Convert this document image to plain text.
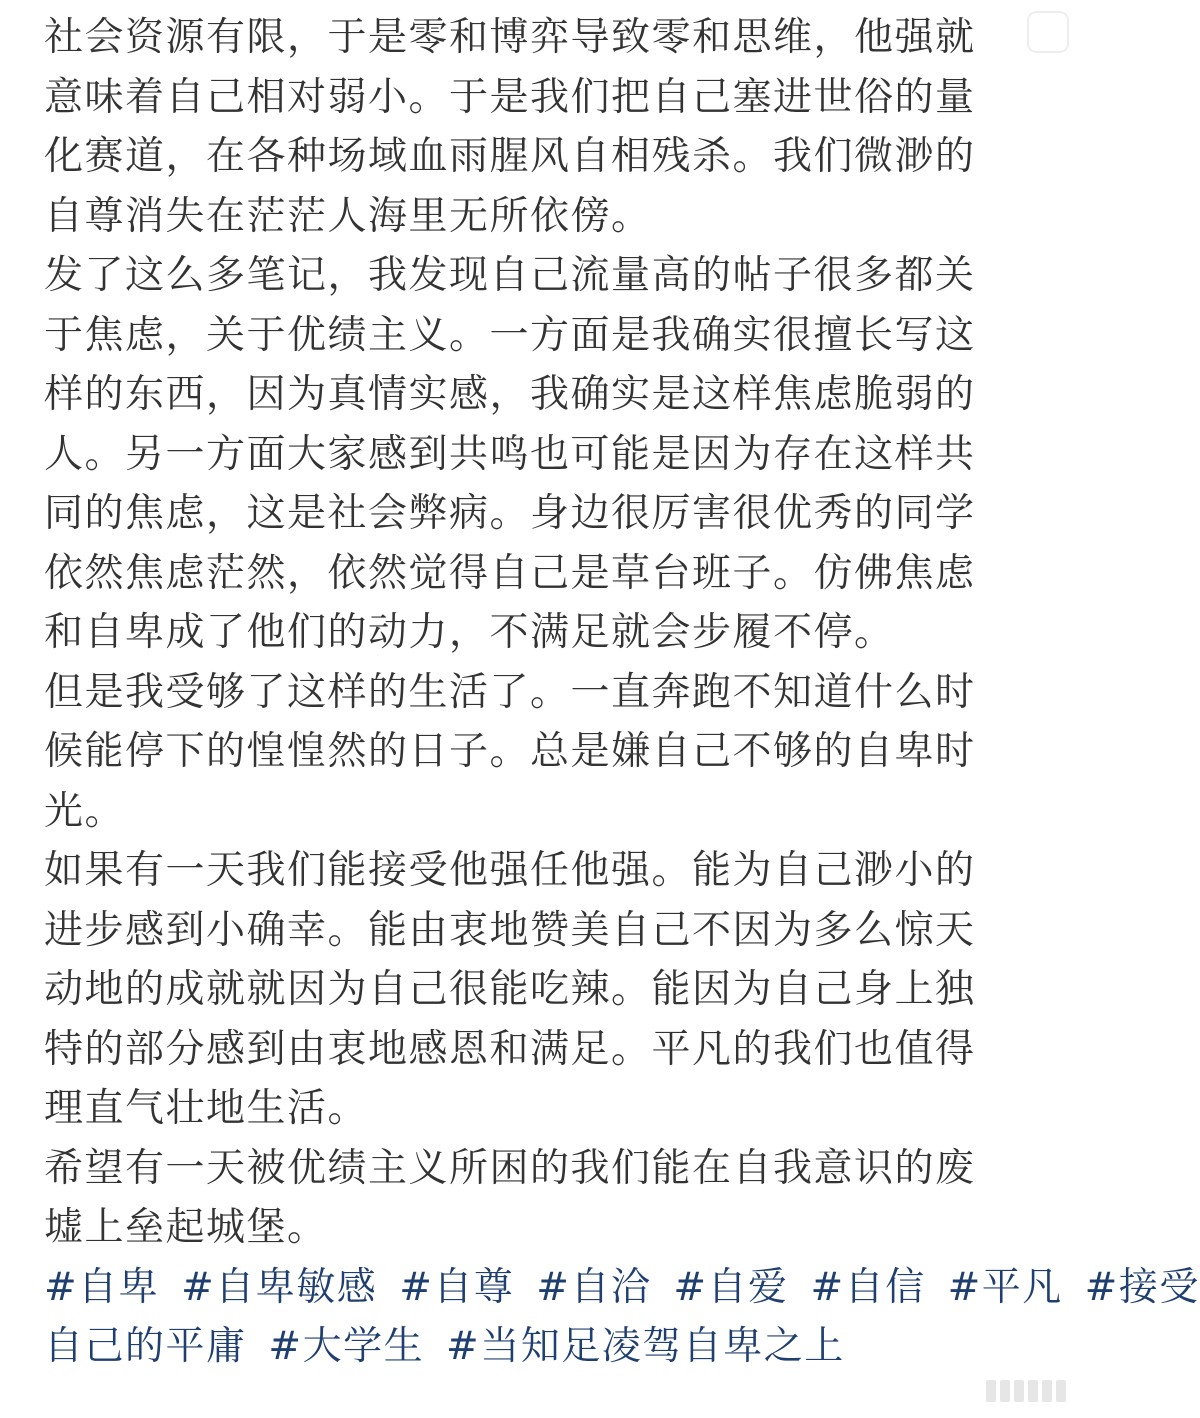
社会资源有限，于是零和博弈导致零和思维，他强就
意味着自己相对弱小。于是我们把自己塞进世俗的量
化赛道，在各种场域血雨腥风自相残杀。我们微渺的
自尊消失在茫茫人海里无所依傍。
发了这么多笔记，我发现自己流量高的帖子很多都关
于焦虑，关于优绩主义。一方面是我确实很擅长写这
样的东西，因为真情实感，我确实是这样焦虑脆弱的
人。另一方面大家感到共鸣也可能是因为存在这样共
同的焦虑，这是社会弊病。身边很厉害很优秀的同学
依然焦虑茫然，依然觉得自己是草台班子。仿佛焦虑
和自卑成了他们的动力，不满足就会步履不停。
但是我受够了这样的生活了。一直奔跑不知道什么时
候能停下的惶惶然的日子。总是嫌自己不够的自卑时
光。
如果有一天我们能接受他强任他强。能为自己渺小的
进步感到小确幸。能由衷地赞美自己不因为多么惊天
动地的成就就因为自己很能吃辣。能因为自己身上独
特的部分感到由衷地感恩和满足。平凡的我们也值得
理直气壮地生活。
希望有一天被优绩主义所困的我们能在自我意识的废
墟上垒起城堡。
#自卑 #自卑敏感 #自尊 #自洽 #自爱 #自信 #平凡 #接受
自己的平庸 #大学生 #当知足凌驾自卑之上
